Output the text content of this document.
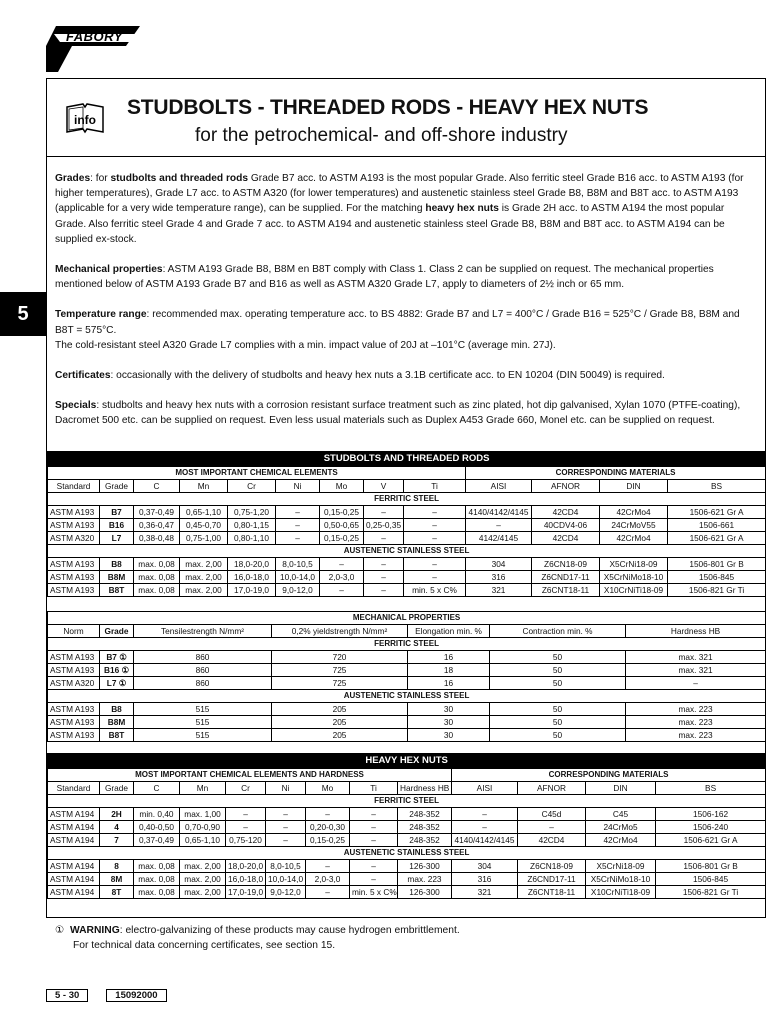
FABORY
5
info
STUDBOLTS - THREADED RODS - HEAVY HEX NUTS
for the petrochemical- and off-shore industry

Grades: for studbolts and threaded rods Grade B7 acc. to ASTM A193 is the most popular Grade. Also ferritic steel Grade B16 acc. to ASTM A193 (for higher temperatures), Grade L7 acc. to ASTM A320 (for lower temperatures) and austenetic stainless steel Grade B8, B8M and B8T acc. to ASTM A193 (applicable for a very wide temperature range), can be supplied. For the matching heavy hex nuts is Grade 2H acc. to ASTM A194 the most popular Grade. Also ferritic steel Grade 4 and Grade 7 acc. to ASTM A194 and austenetic stainless steel Grade B8, B8M and B8T acc. to ASTM A194 can be supplied ex-stock.

Mechanical properties: ASTM A193 Grade B8, B8M en B8T comply with Class 1. Class 2 can be supplied on request. The mechanical properties mentioned below of ASTM A193 Grade B7 and B16 as well as ASTM A320 Grade L7, apply to diameters of 2½ inch or 65 mm.

Temperature range: recommended max. operating temperature acc. to BS 4882: Grade B7 and L7 = 400°C / Grade B16 = 525°C / Grade B8, B8M and B8T = 575°C.
The cold-resistant steel A320 Grade L7 complies with a min. impact value of 20J at –101°C (average min. 27J).

Certificates: occasionally with the delivery of studbolts and heavy hex nuts a 3.1B certificate acc. to EN 10204 (DIN 50049) is required.

Specials: studbolts and heavy hex nuts with a corrosion resistant surface treatment such as zinc plated, hot dip galvanised, Xylan 1070 (PTFE-coating), Dacromet 500 etc. can be supplied on request. Even less usual materials such as Duplex A453 Grade 660, Monel etc. can be supplied on request.

STUDBOLTS AND THREADED RODS												
MOST IMPORTANT CHEMICAL ELEMENTS									CORRESPONDING MATERIALS			
Standard	Grade	C	Mn	Cr	Ni	Mo	V	Ti	AISI	AFNOR	DIN	BS
FERRITIC STEEL												
ASTM A193	B7	0,37-0,49	0,65-1,10	0,75-1,20	–	0,15-0,25	–	–	4140/4142/4145	42CD4	42CrMo4	1506-621 Gr A
ASTM A193	B16	0,36-0,47	0,45-0,70	0,80-1,15	–	0,50-0,65	0,25-0,35	–	–	40CDV4-06	24CrMoV55	1506-661
ASTM A320	L7	0,38-0,48	0,75-1,00	0,80-1,10	–	0,15-0,25	–	–	4142/4145	42CD4	42CrMo4	1506-621 Gr A
AUSTENETIC STAINLESS STEEL												
ASTM A193	B8	max. 0,08	max. 2,00	18,0-20,0	8,0-10,5	–	–	–	304	Z6CN18-09	X5CrNi18-09	1506-801 Gr B
ASTM A193	B8M	max. 0,08	max. 2,00	16,0-18,0	10,0-14,0	2,0-3,0	–	–	316	Z6CND17-11	X5CrNiMo18-10	1506-845
ASTM A193	B8T	max. 0,08	max. 2,00	17,0-19,0	9,0-12,0	–	–	min. 5 x C%	321	Z6CNT18-11	X10CrNiTi18-09	1506-821 Gr Ti
MECHANICAL PROPERTIES						
Norm	Grade	Tensilestrength N/mm²	0,2% yieldstrength N/mm²	Elongation min. %	Contraction min. %	Hardness HB
FERRITIC STEEL						
ASTM A193	B7 ①	860	720	16	50	max. 321
ASTM A193	B16 ①	860	725	18	50	max. 321
ASTM A320	L7 ①	860	725	16	50	–
AUSTENETIC STAINLESS STEEL						
ASTM A193	B8	515	205	30	50	max. 223
ASTM A193	B8M	515	205	30	50	max. 223
ASTM A193	B8T	515	205	30	50	max. 223
HEAVY HEX NUTS												
MOST IMPORTANT CHEMICAL ELEMENTS AND HARDNESS									CORRESPONDING MATERIALS			
Standard	Grade	C	Mn	Cr	Ni	Mo	Ti	Hardness HB	AISI	AFNOR	DIN	BS
FERRITIC STEEL												
ASTM A194	2H	min. 0,40	max. 1,00	–	–	–	–	248-352	–	C45d	C45	1506-162
ASTM A194	4	0,40-0,50	0,70-0,90	–	–	0,20-0,30	–	248-352	–	–	24CrMo5	1506-240
ASTM A194	7	0,37-0,49	0,65-1,10	0,75-120	–	0,15-0,25	–	248-352	4140/4142/4145	42CD4	42CrMo4	1506-621 Gr A
AUSTENETIC STAINLESS STEEL												
ASTM A194	8	max. 0,08	max. 2,00	18,0-20,0	8,0-10,5	–	–	126-300	304	Z6CN18-09	X5CrNi18-09	1506-801 Gr B
ASTM A194	8M	max. 0,08	max. 2,00	16,0-18,0	10,0-14,0	2,0-3,0	–	max. 223	316	Z6CND17-11	X5CrNiMo18-10	1506-845
ASTM A194	8T	max. 0,08	max. 2,00	17,0-19,0	9,0-12,0	–	min. 5 x C%	126-300	321	Z6CNT18-11	X10CrNiTi18-09	1506-821 Gr Ti
① WARNING: electro-galvanizing of these products may cause hydrogen embrittlement.
For technical data concerning certificates, see section 15.
5 - 30	15092000
